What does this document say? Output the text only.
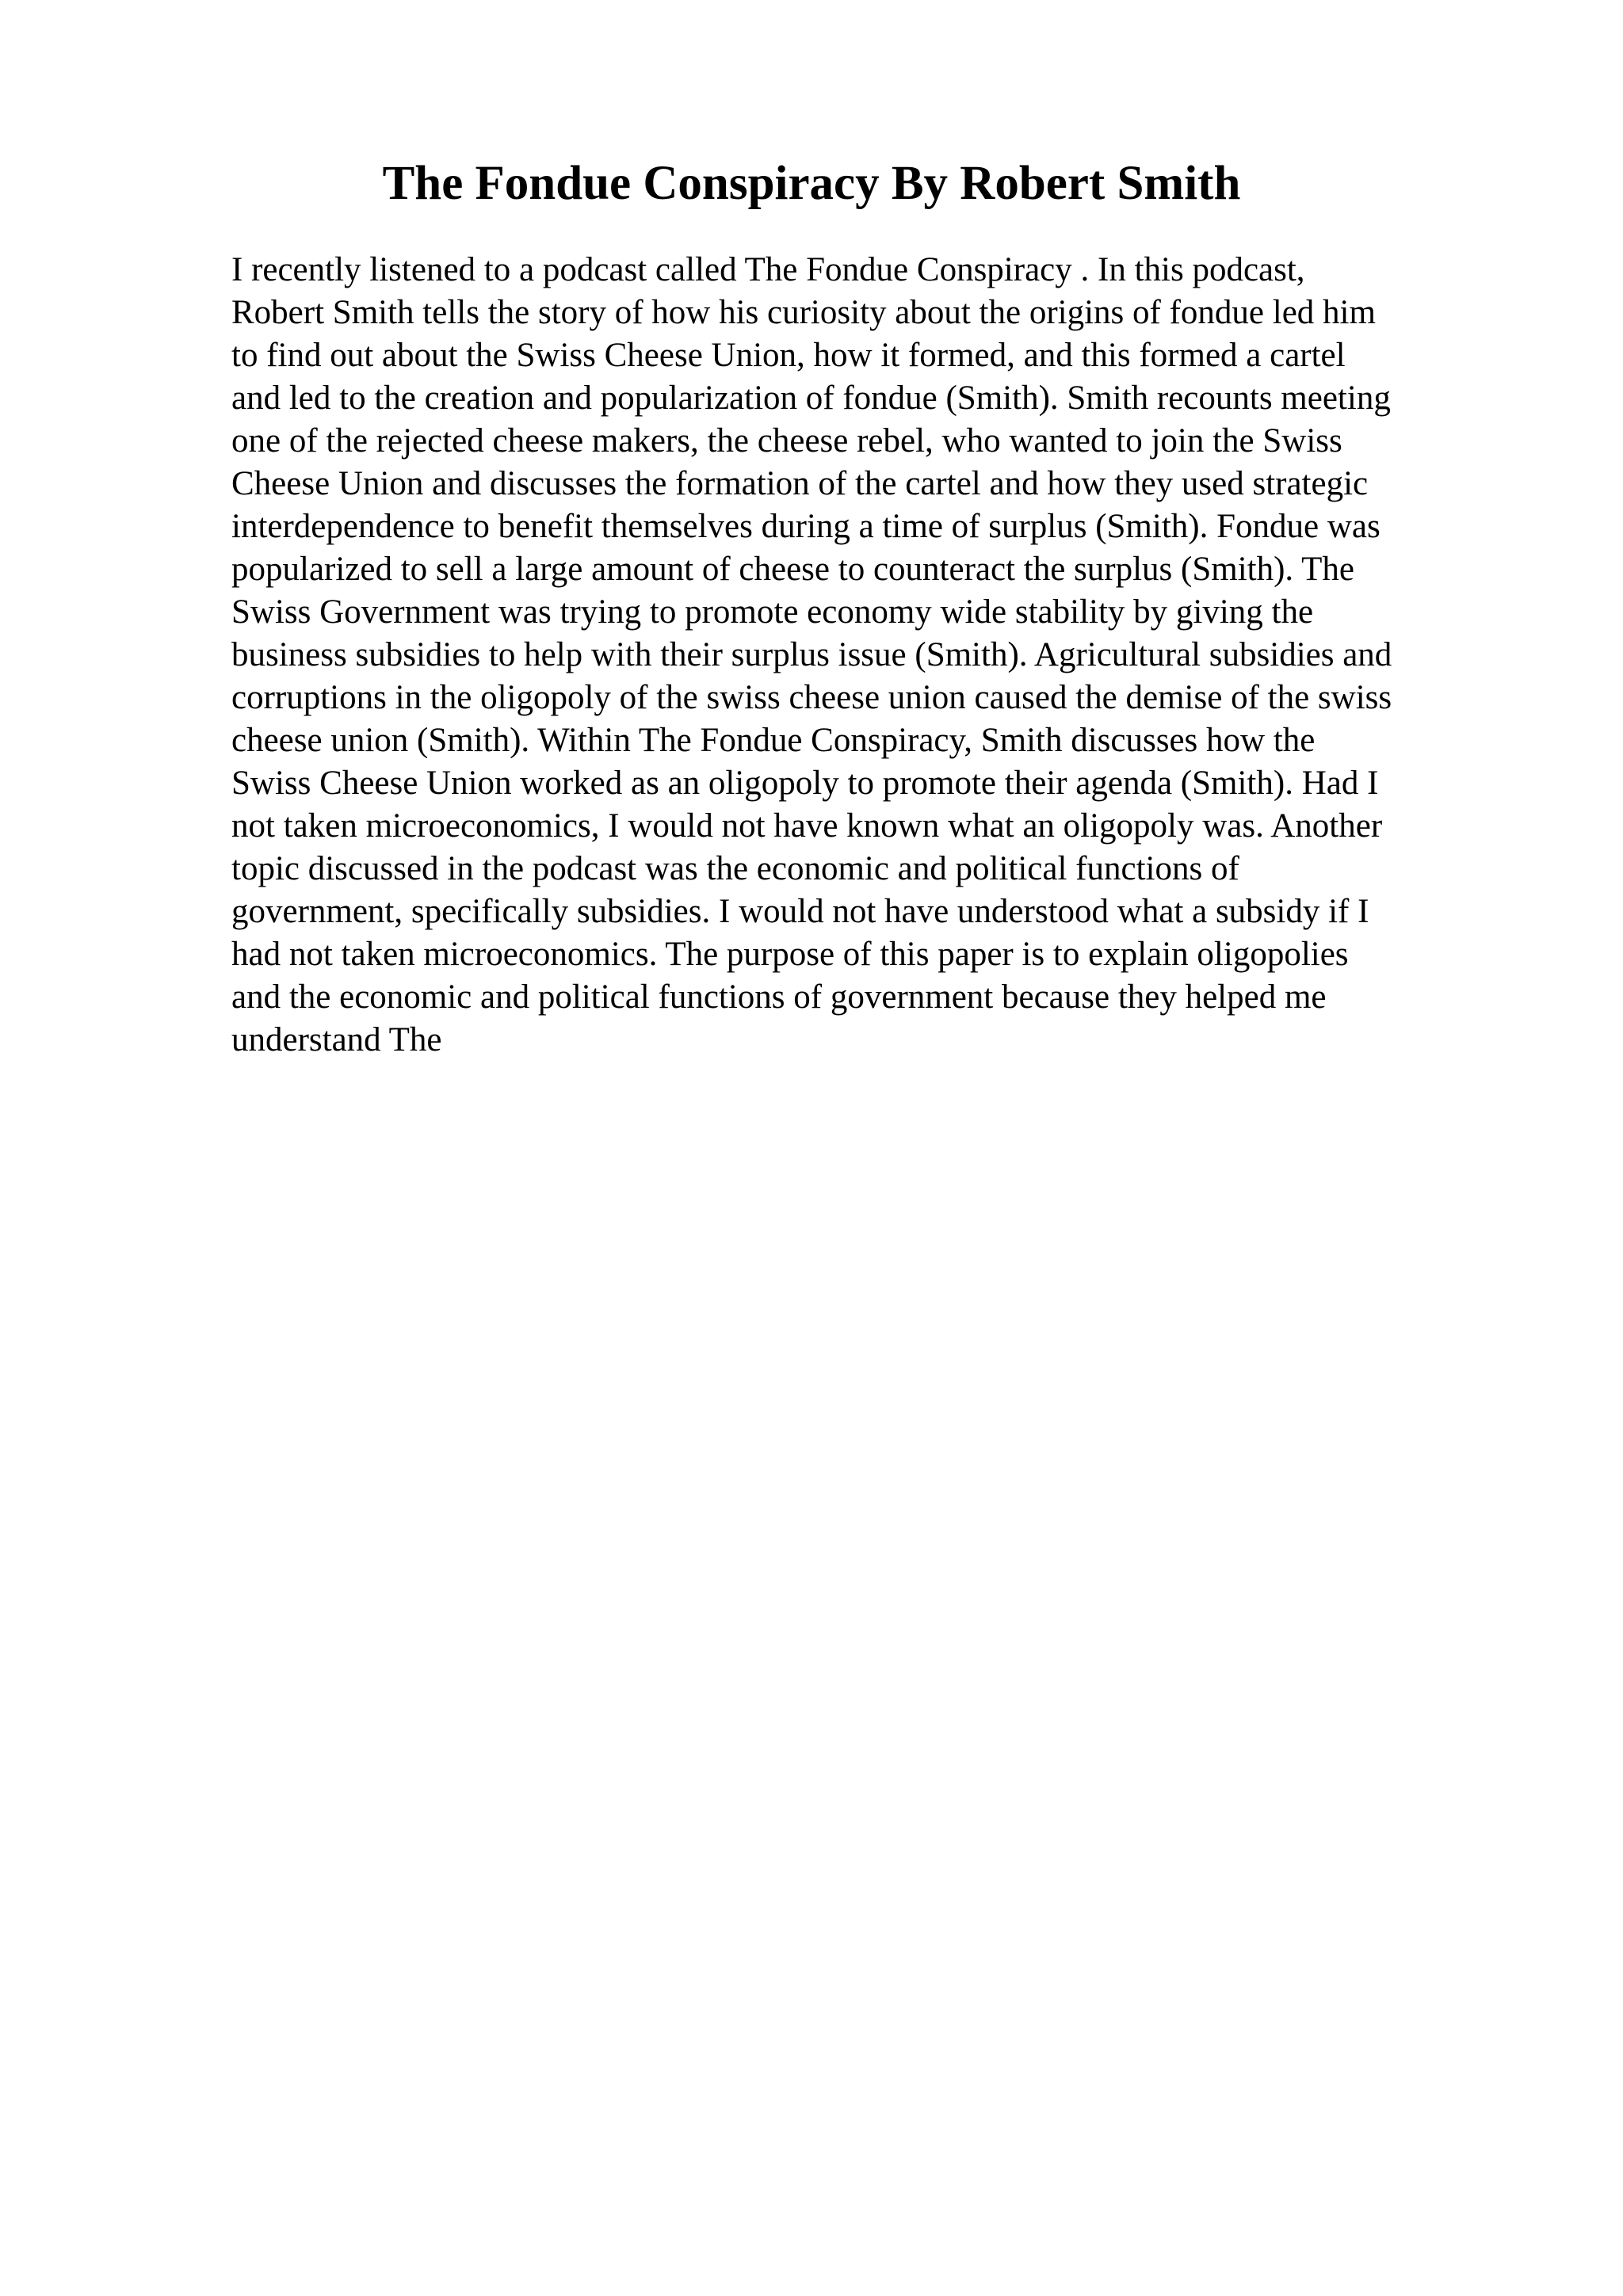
The Fondue Conspiracy By Robert Smith
I recently listened to a podcast called The Fondue Conspiracy . In this podcast,
Robert Smith tells the story of how his curiosity about the origins of fondue led him
to find out about the Swiss Cheese Union, how it formed, and this formed a cartel
and led to the creation and popularization of fondue (Smith). Smith recounts meeting
one of the rejected cheese makers, the cheese rebel, who wanted to join the Swiss
Cheese Union and discusses the formation of the cartel and how they used strategic
interdependence to benefit themselves during a time of surplus (Smith). Fondue was
popularized to sell a large amount of cheese to counteract the surplus (Smith). The
Swiss Government was trying to promote economy wide stability by giving the
business subsidies to help with their surplus issue (Smith). Agricultural subsidies and
corruptions in the oligopoly of the swiss cheese union caused the demise of the swiss
cheese union (Smith). Within The Fondue Conspiracy, Smith discusses how the
Swiss Cheese Union worked as an oligopoly to promote their agenda (Smith). Had I
not taken microeconomics, I would not have known what an oligopoly was. Another
topic discussed in the podcast was the economic and political functions of
government, specifically subsidies. I would not have understood what a subsidy if I
had not taken microeconomics. The purpose of this paper is to explain oligopolies
and the economic and political functions of government because they helped me
understand The
